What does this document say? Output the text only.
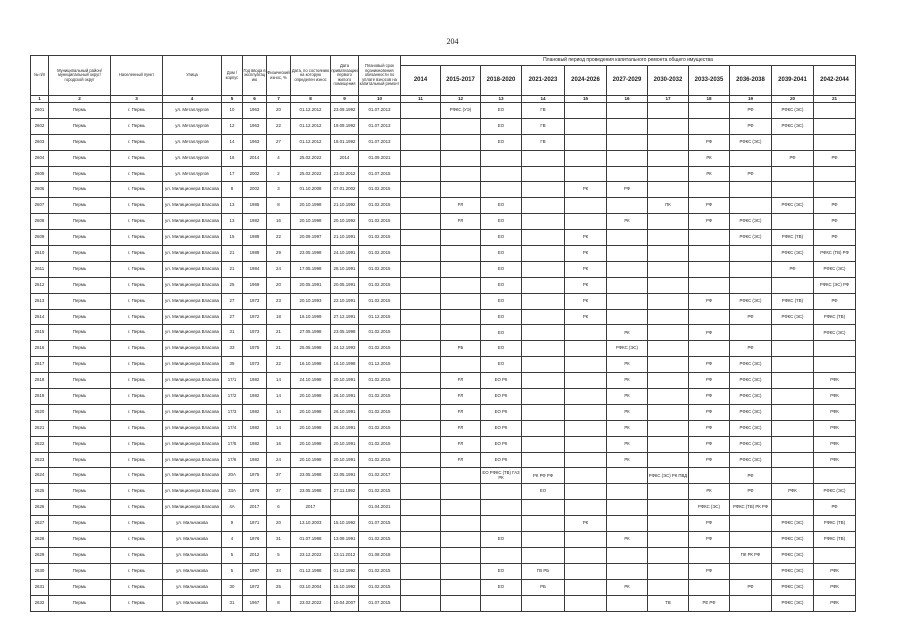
204
№ п/п	Муниципальный район/муниципальный округ/городской округ	Населенный пункт	Улица	Дом / корпус	Год ввода в эксплуатацию	Физический износ, %	Дата, по состоянию на которую определен износ	Дата приватизации первого жилого помещения	Плановый срок возникновения обязанности по уплате взносов на капитальный ремонт	Плановый период проведения капитального ремонта общего имущества										
										2014	2015-2017	2018-2020	2021-2023	2024-2026	2027-2029	2030-2032	2033-2035	2036-2038	2039-2041	2042-2044
1	2	3	4	5	6	7	8	9	10	11	12	13	14	15	16	17	18	19	20	21
2601	Пермь	г. Пермь	ул. Металлургов	10	1963	20	01.12.2012	23.09.1992	01.07.2013		РФКС (УЭ)	ЕО	ГВ					РФ	РФКС (ЭС)	
2602	Пермь	г. Пермь	ул. Металлургов	12	1963	22	01.12.2012	19.09.1992	01.07.2013			ЕО	ГВ					РФ	РФКС (ЭС)	
2603	Пермь	г. Пермь	ул. Металлургов	14	1963	27	01.12.2012	18.01.1992	01.07.2013			ЕО	ГВ				РФ	РФКС (ЭС)		
2604	Пермь	г. Пермь	ул. Металлургов	16	2014	4	25.02.2022	2014	01.09.2021								РК		РФ	РФ
2605	Пермь	г. Пермь	ул. Металлургов	17	2002	2	25.02.2022	23.02.2012	01.07.2015								РК	РФ		
2606	Пермь	г. Пермь	ул. Милиционера Власова	8	2002	3	01.10.2008	07.01.2002	01.02.2015					РК	РФ					
2607	Пермь	г. Пермь	ул. Милиционера Власова	13	1985	8	20.10.1998	21.10.1992	01.02.2015		РЛ	ЕО				ПК	РФ		РФКС (ЭС)	РФ
2608	Пермь	г. Пермь	ул. Милиционера Власова	13	1982	16	20.10.1998	20.10.1992	01.02.2015		РЛ	ЕО			РК		РФ	РФКС (ЭС)		РФ
2609	Пермь	г. Пермь	ул. Милиционера Власова	15	1989	22	20.09.1997	21.10.1991	01.02.2015			ЕО		РК				РФКС (ЭС)	РФКС (ТВ)	РФ
2610	Пермь	г. Пермь	ул. Милиционера Власова	21	1989	29	23.05.1998	24.10.1991	01.02.2015			ЕО		РК					РФКС (ЭС)	РФКС (ТВ) РФ
2611	Пермь	г. Пермь	ул. Милиционера Власова	21	1984	24	17.05.1998	28.10.1991	01.02.2015			ЕО		РК					РФ	РФКС (ЭС)
2612	Пермь	г. Пермь	ул. Милиционера Власова	25	1969	20	20.05.1991	20.05.1991	01.02.2015			ЕО		РК						РФКС (ЭС) РФ
2613	Пермь	г. Пермь	ул. Милиционера Власова	27	1973	23	20.10.1993	22.10.1991	01.02.2015			ЕО		РК			РФ	РФКС (ЭС)	РФКС (ТВ)	РФ
2614	Пермь	г. Пермь	ул. Милиционера Власова	27	1972	18	16.10.1999	27.12.1991	01.12.2015			ЕО		РК				РФ	РФКС (ЭС)	РФКС (ТВ)
2615	Пермь	г. Пермь	ул. Милиционера Власова	31	1973	21	27.05.1998	23.05.1998	01.02.2015			ЕО			РК		РФ			РФКС (ЭС)
2616	Пермь	г. Пермь	ул. Милиционера Власова	33	1975	21	25.05.1998	24.12.1993	01.02.2015		РБ	ЕО			РФКС (ЭС)			РФ		
2617	Пермь	г. Пермь	ул. Милиционера Власова	35	1973	22	16.10.1998	16.10.1998	01.12.2015			ЕО			РК		РФ	РФКС (ЭС)		
2618	Пермь	г. Пермь	ул. Милиционера Власова	17/1	1982	14	24.10.1998	20.10.1991	01.02.2015		РЛ	ЕО РК			РК		РФ	РФКС (ЭС)		РФК
2619	Пермь	г. Пермь	ул. Милиционера Власова	17/2	1982	14	20.10.1998	26.10.1991	01.02.2015		РЛ	ЕО РК			РК		РФ	РФКС (ЭС)		РФК
2620	Пермь	г. Пермь	ул. Милиционера Власова	17/3	1982	14	20.10.1998	26.10.1991	01.02.2015		РЛ	ЕО РК			РК		РФ	РФКС (ЭС)		РФК
2621	Пермь	г. Пермь	ул. Милиционера Власова	17/4	1982	14	20.10.1998	26.10.1991	01.02.2015		РЛ	ЕО РК			РК		РФ	РФКС (ЭС)		РФК
2622	Пермь	г. Пермь	ул. Милиционера Власова	17/5	1982	16	20.10.1998	20.10.1991	01.02.2015		РЛ	ЕО РК			РК		РФ	РФКС (ЭС)		РФК
2623	Пермь	г. Пермь	ул. Милиционера Власова	17/6	1982	24	20.10.1998	20.10.1991	01.02.2015		РЛ	ЕО РК			РК		РФ	РФКС (ЭС)		РФК
2624	Пермь	г. Пермь	ул. Милиционера Власова	20А	1975	37	23.05.1998	22.05.1991	01.02.2017			ЕО РФКС (ТВ) ГАЗ РК	РК РФ РФ			РФКС (ЭС) РК ПВД		РФ		
2625	Пермь	г. Пермь	ул. Милиционера Власова	33А	1976	37	23.05.1998	27.11.1992	01.02.2015				ЕО				РК	РФ	РФК	РФКС (ЭС)
2626	Пермь	г. Пермь	ул. Милиционера Власова	4А	2017	6	2017		01.04.2021								РФКС (ЭС)	РФКС (ТВ) РК РФ		РФ
2627	Пермь	г. Пермь	ул. Мильчакова	9	1971	20	13.10.2003	15.10.1992	01.07.2015					РК			РФ		РФКС (ЭС)	РФКС (ТВ)
2628	Пермь	г. Пермь	ул. Мильчакова	4	1976	31	01.07.1998	13.09.1991	01.02.2015			ЕО			РК		РФ		РФКС (ЭС)	РФКС (ТВ)
2629	Пермь	г. Пермь	ул. Мильчакова	5	2012	5	23.12.2022	13.11.2012	01.08.2018									ПК РК РФ	РФКС (ЭС)	
2630	Пермь	г. Пермь	ул. Мильчакова	5	1997	34	01.12.1998	01.12.1992	01.02.2015			ЕО	ГВ РБ				РФ		РФКС (ЭС)	РФК
2631	Пермь	г. Пермь	ул. Мильчакова	30	1972	25	03.10.2004	15.10.1992	01.02.2015			ЕО	РБ		РК			РФ	РФКС (ЭС)	РФК
2632	Пермь	г. Пермь	ул. Мильчакова	31	1967	8	23.02.2022	10.04.2007	01.07.2015							ТВ	РЕ РФ		РФКС (ЭС)	РФК
